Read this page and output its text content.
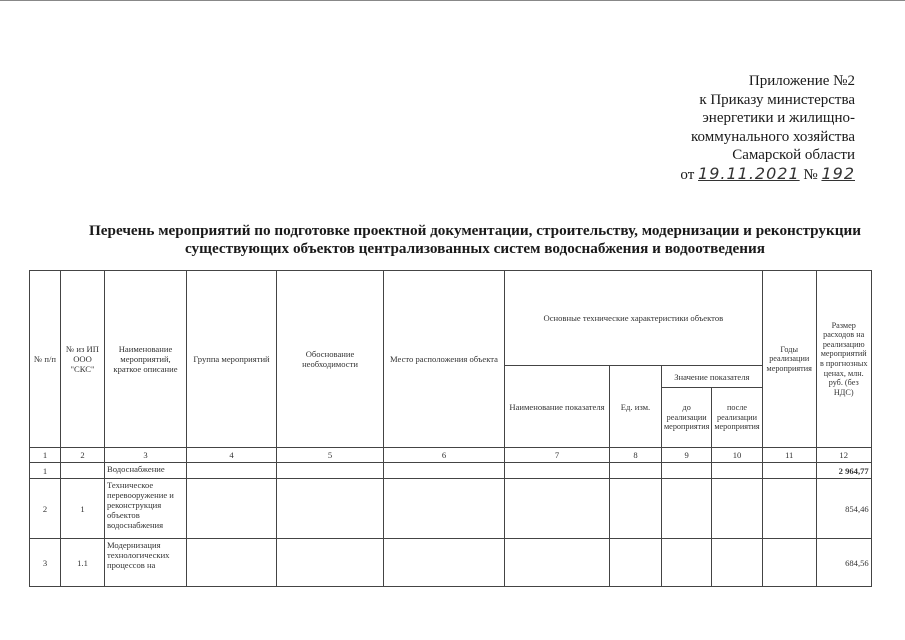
Приложение №2
к Приказу министерства
энергетики и жилищно-
коммунального хозяйства
Самарской области
от 19.11.2021 № 192
Перечень мероприятий по подготовке проектной документации, строительству, модернизации и реконструкции
существующих объектов централизованных систем водоснабжения и водоотведения
№ п/п	№ из ИП ООО "СКС"	Наименование мероприятий, краткое описание	Группа мероприятий	Обоснование необходимости	Место расположения объекта	Основные технические характеристики объектов				Годы реализации мероприятия	Размер расходов на реализацию мероприятий в прогнозных ценах, млн. руб. (без НДС)
						Наименование показателя	Ед. изм.	Значение показателя			
								до реализации мероприятия	после реализации мероприятия		
1	2	3	4	5	6	7	8	9	10	11	12
1		Водоснабжение									2 964,77
2	1	Техническое перевооружение и реконструкция объектов водоснабжения									854,46
3	1.1	Модернизация технологических процессов на									684,56
